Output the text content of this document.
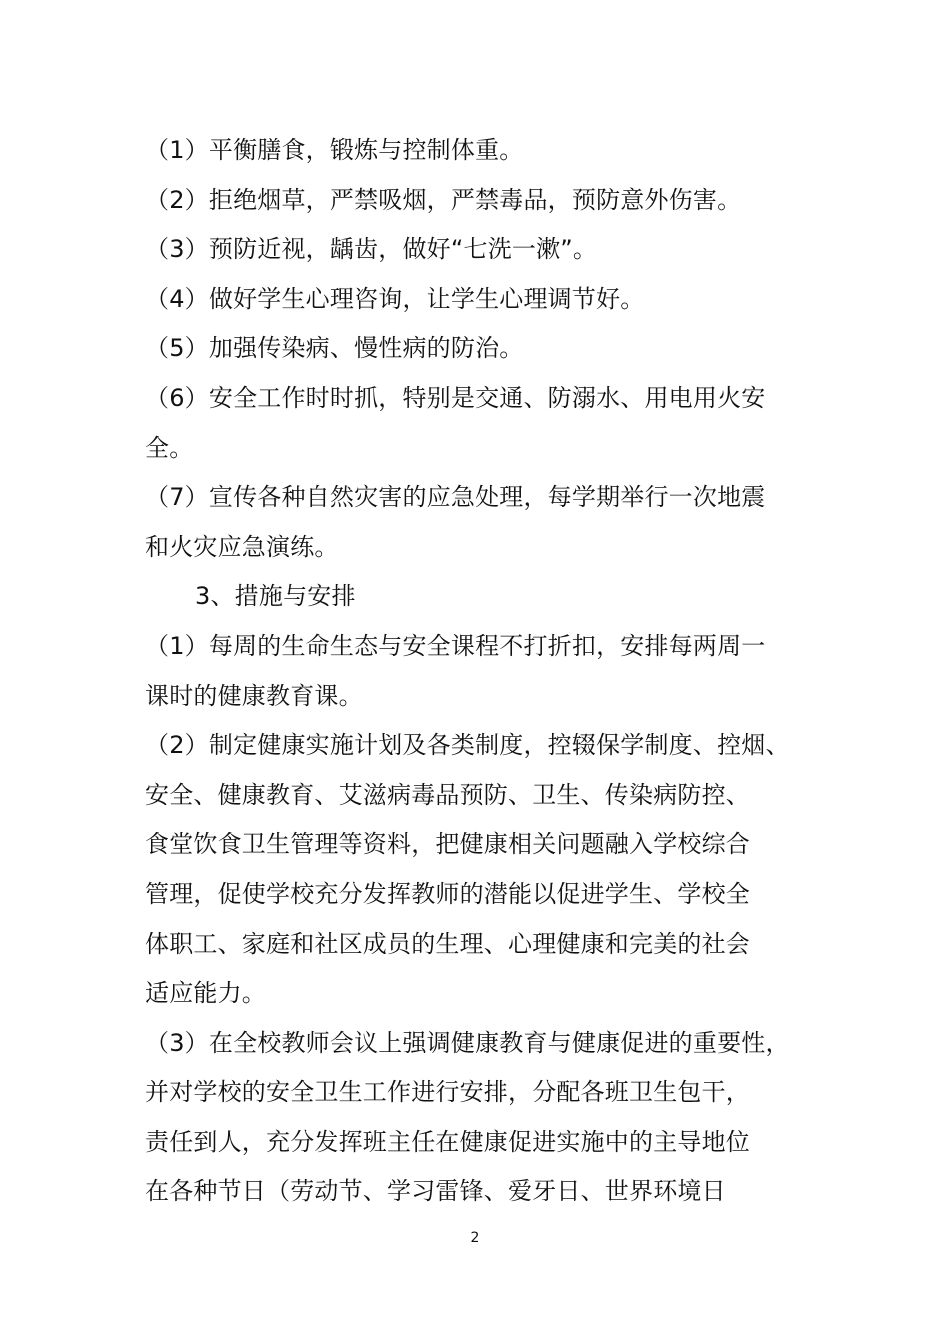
（1）平衡膳食，锻炼与控制体重。
（2）拒绝烟草，严禁吸烟，严禁毒品，预防意外伤害。
（3）预防近视，龋齿，做好“七洗一漱”。
（4）做好学生心理咨询，让学生心理调节好。
（5）加强传染病、慢性病的防治。
（6）安全工作时时抓，特别是交通、防溺水、用电用火安
全。
（7）宣传各种自然灾害的应急处理，每学期举行一次地震
和火灾应急演练。
3、措施与安排
（1）每周的生命生态与安全课程不打折扣，安排每两周一
课时的健康教育课。
（2）制定健康实施计划及各类制度，控辍保学制度、控烟、
安全、健康教育、艾滋病毒品预防、卫生、传染病防控、
食堂饮食卫生管理等资料，把健康相关问题融入学校综合
管理，促使学校充分发挥教师的潜能以促进学生、学校全
体职工、家庭和社区成员的生理、心理健康和完美的社会
适应能力。
（3）在全校教师会议上强调健康教育与健康促进的重要性，
并对学校的安全卫生工作进行安排，分配各班卫生包干，
责任到人，充分发挥班主任在健康促进实施中的主导地位
在各种节日（劳动节、学习雷锋、爱牙日、世界环境日
2
